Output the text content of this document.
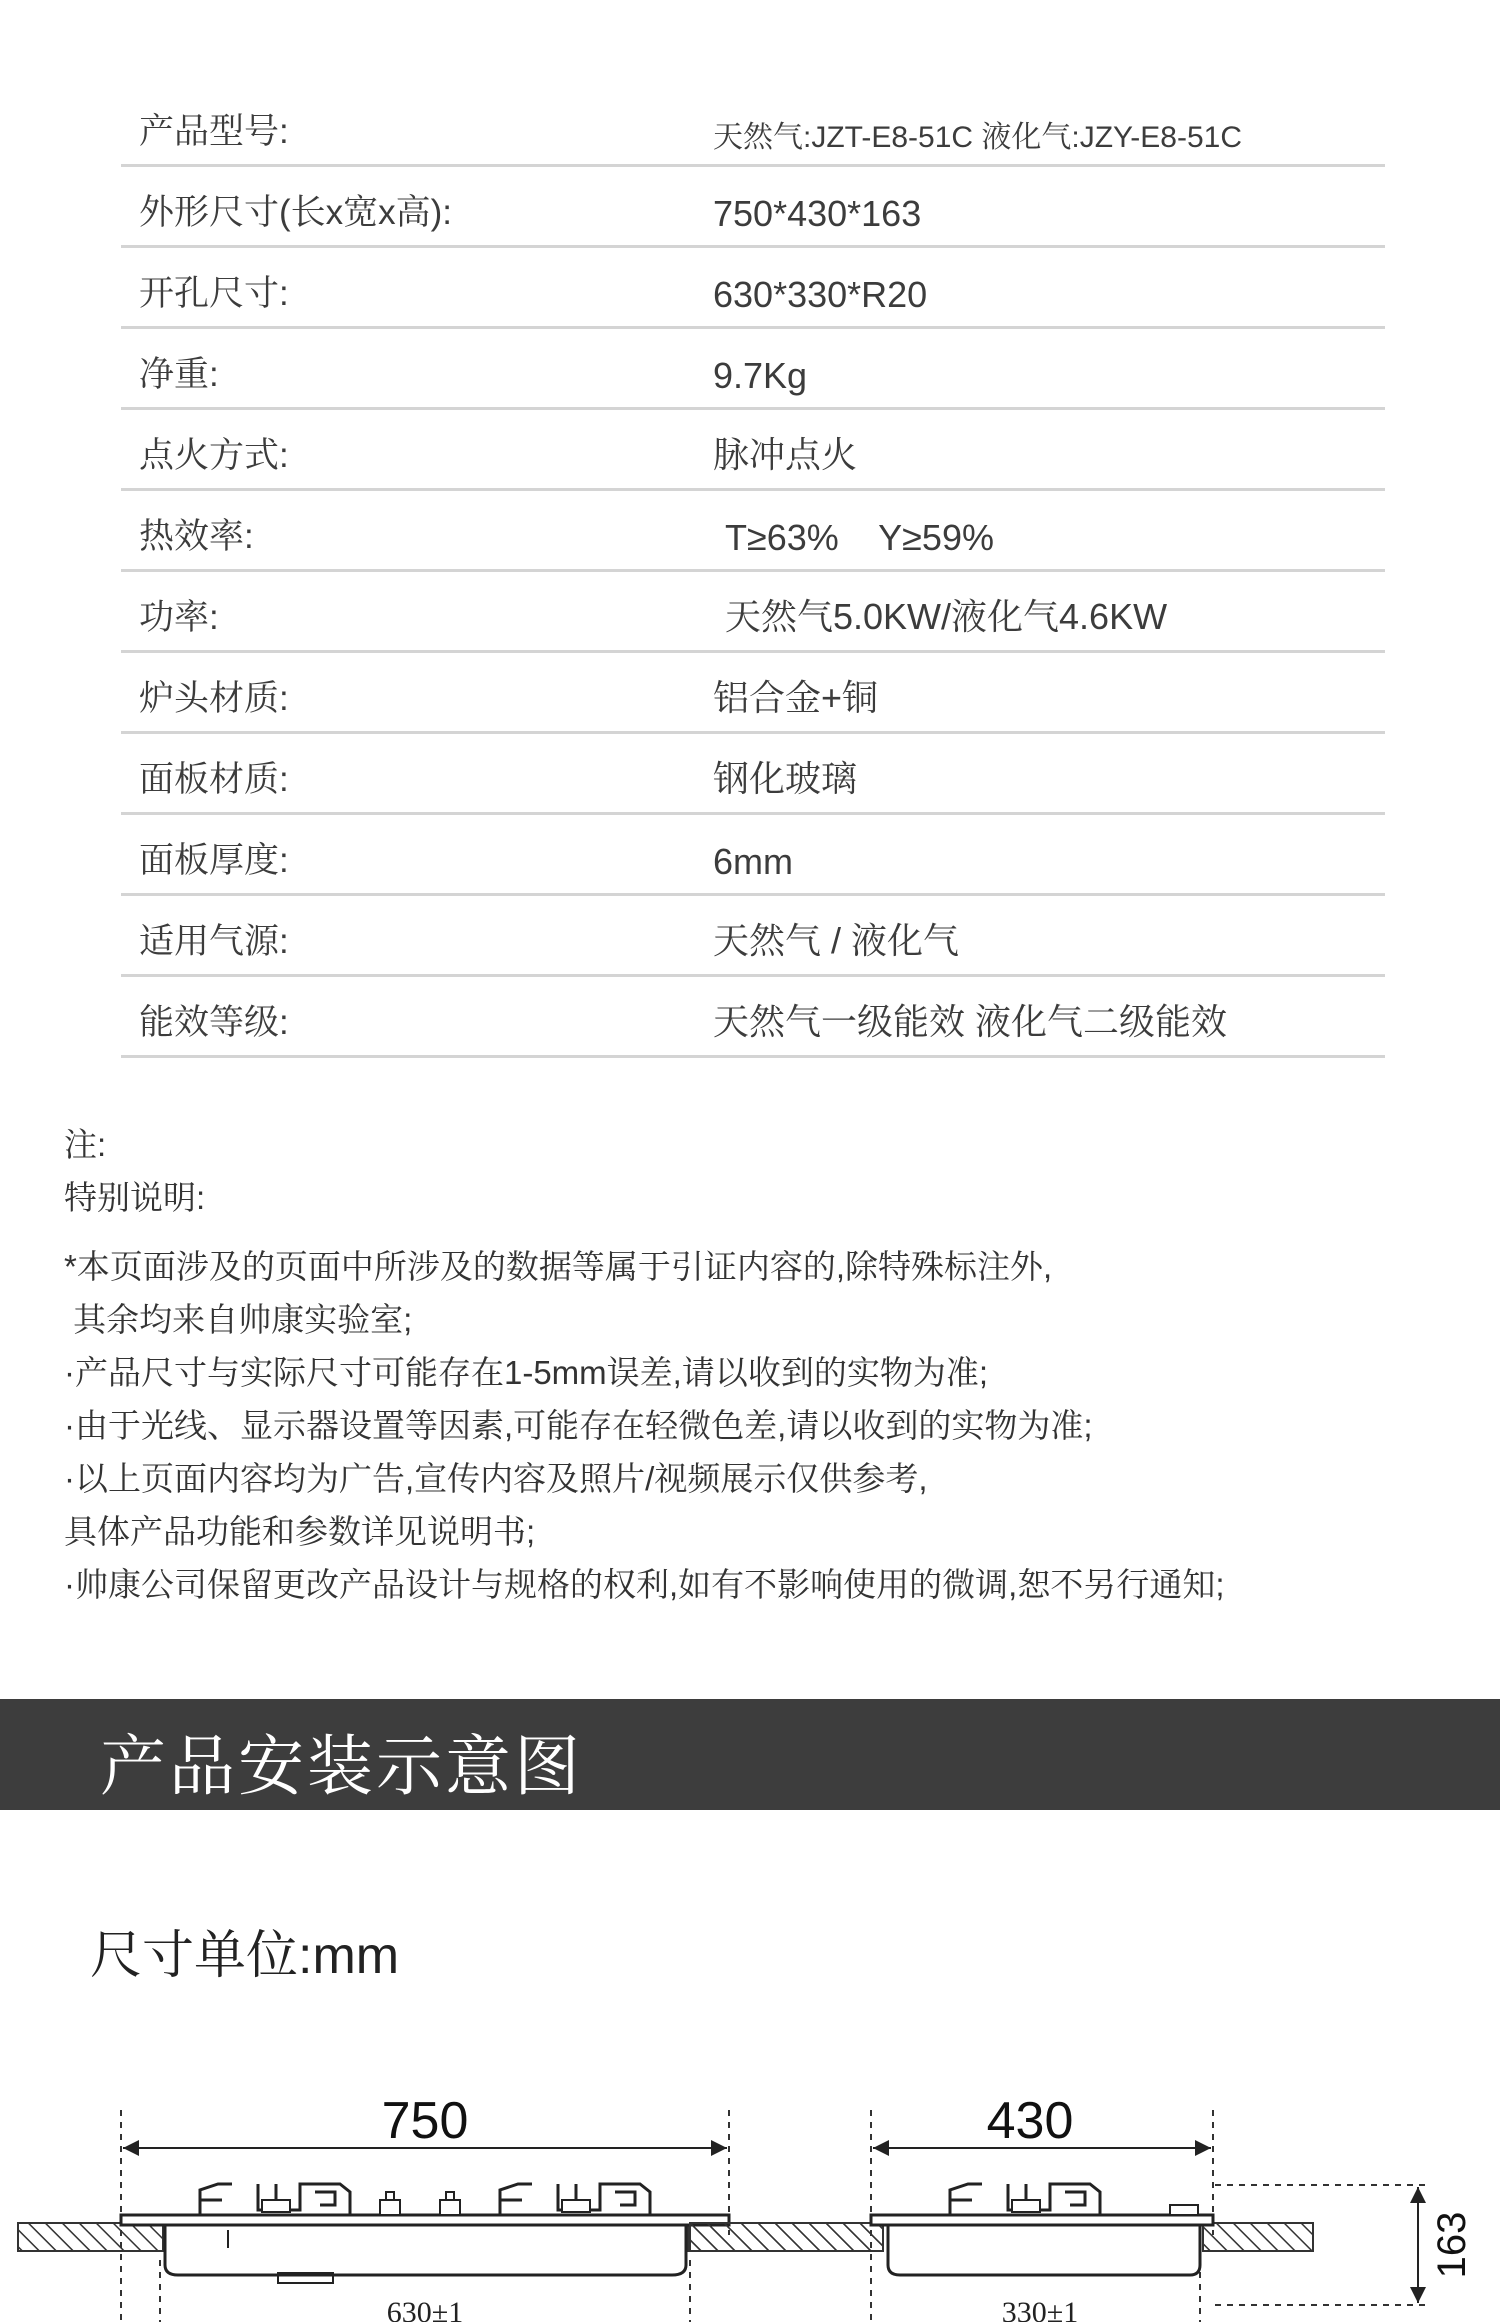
产品型号:	天然气:JZT-E8-51C 液化气:JZY-E8-51C
外形尺寸(长x宽x高):	750*430*163
开孔尺寸:	630*330*R20
净重:	9.7Kg
点火方式:	脉冲点火
热效率:	T≥63%    Y≥59%
功率:	天然气5.0KW/液化气4.6KW
炉头材质:	铝合金+铜
面板材质:	钢化玻璃
面板厚度:	6mm
适用气源:	天然气 / 液化气
能效等级:	天然气一级能效 液化气二级能效
注:
特别说明:
*本页面涉及的页面中所涉及的数据等属于引证内容的,除特殊标注外,
其余均来自帅康实验室;
·产品尺寸与实际尺寸可能存在1-5mm误差,请以收到的实物为准;
·由于光线、显示器设置等因素,可能存在轻微色差,请以收到的实物为准;
·以上页面内容均为广告,宣传内容及照片/视频展示仅供参考,
具体产品功能和参数详见说明书;
·帅康公司保留更改产品设计与规格的权利,如有不影响使用的微调,恕不另行通知;
产品安装示意图
尺寸单位:mm
750
630±1
430
163
330±1
